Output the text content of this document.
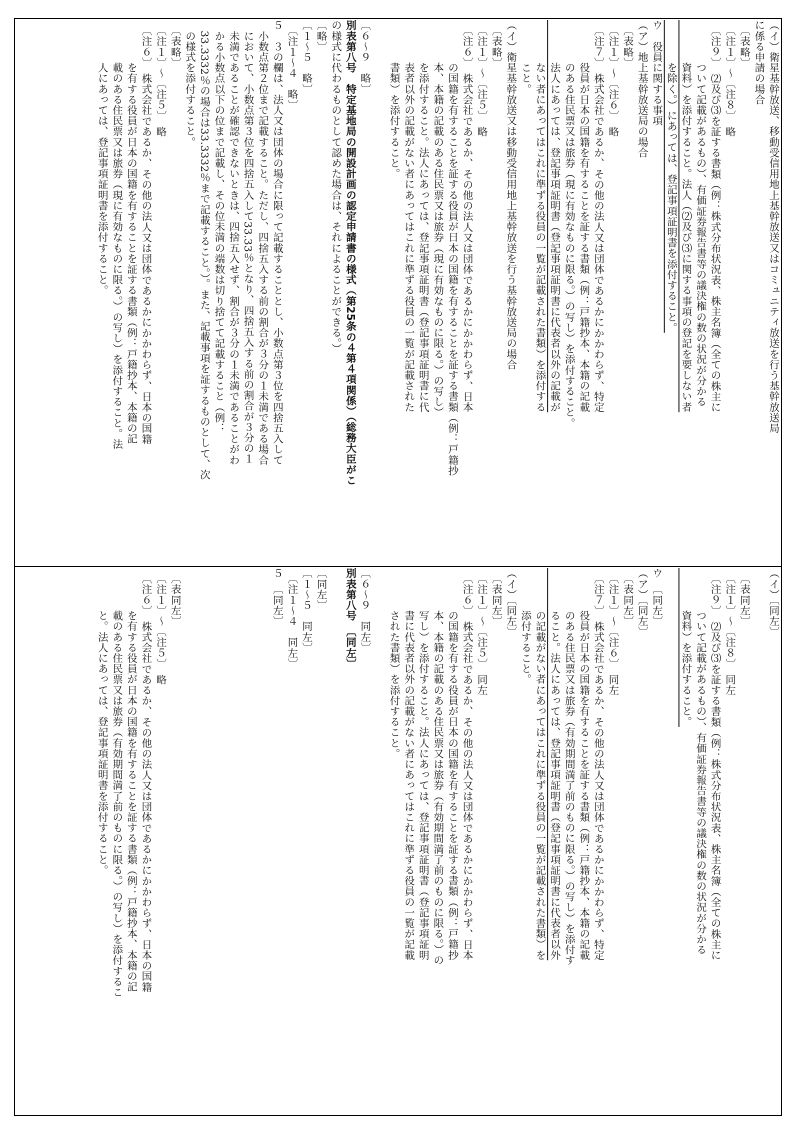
（イ）衛星基幹放送、移動受信用地上基幹放送又はコミュニティ放送を行う基幹放送局
に係る申請の場合
　〔表略〕
　〔注１〕～〔注８〕　略
　〔注９〕　⑵及び⑶を証する書類（例：株式分布状況表、株主名簿（全ての株主に
　　　　ついて記載があるもの）、有価証券報告書等の議決権の数の状況が分かる
　　　　資料）を添付すること。法人（⑵及び⑶に関する事項の登記を要しない者
　　　　を除く。）にあっては、登記事項証明書を添付すること。
ウ　役員に関する事項
（ア）地上基幹放送局の場合
　〔表略〕
　〔注１〕～〔注６〕　略
　〔注７〕　株式会社であるか、その他の法人又は団体であるかにかかわらず、特定
　　　　役員が日本の国籍を有することを証する書類（例：戸籍抄本、本籍の記載
　　　　のある住民票又は旅券（現に有効なものに限る。）の写し）を添付すること。
　　　　法人にあっては、登記事項証明書（登記事項証明書に代表者以外の記載が
　　　　ない者にあってはこれに準ずる役員の一覧が記載された書類）を添付する
　　　　こと。
（イ）衛星基幹放送又は移動受信用地上基幹放送を行う基幹放送局の場合
　〔表略〕
　〔注１〕～〔注５〕　略
　〔注６〕　株式会社であるか、その他の法人又は団体であるかにかかわらず、日本
　　　　の国籍を有することを証する役員が日本の国籍を有することを証する書類（例：戸籍抄
　　　　本、本籍の記載のある住民票又は旅券（現に有効なものに限る。）の写し）
　　　　を添付すること。法人にあっては、登記事項証明書（登記事項証明書に代
　　　　表者以外の記載がない者にあってはこれに準ずる役員の一覧が記載された
　　　　書類）を添付すること。

〔６～９　略〕
別表第八号　特定基地局の開設計画の認定申請書の様式（第25条の４第４項関係）（総務大臣がこ
の様式に代わるものとして認めた場合は、それによることができる。）
〔略〕
〔１～５　略〕
　〔注１～４　略〕
５　３の欄は、法人又は団体の場合に限って記載することとし、小数点第３位を四捨五入して
　小数点第２位まで記載すること。ただし、四捨五入する前の割合が３分の１未満である場合
　において、小数点第３位を四捨五入して33.33％となり、四捨五入する前の割合が３分の１
　未満であることが確認できないときは、四捨五入せず、割合が３分の１未満であることがわ
　かる小数点以下の位まで記載し、その位未満の端数は切り捨てて記載すること（例：
　33.3332％の場合は33.3332％まで記載すること。）。また、記載事項を証するものとして、次
　の様式を添付すること。
　〔表略〕
　〔注１〕～〔注５〕　略
　〔注６〕　株式会社であるか、その他の法人又は団体であるかにかかわらず、日本の国籍
　　　　を有する役員が日本の国籍を有することを証する書類（例：戸籍抄本、本籍の記
　　　　載のある住民票又は旅券（現に有効なものに限る。）の写し）を添付すること。法
　　　　人にあっては、登記事項証明書を添付すること。
（イ）〔同左〕

　〔表同左〕
　〔注１〕～〔注８〕　同左
　〔注９〕　⑵及び⑶を証する書類（例：株式分布状況表、株主名簿（全ての株主に
　　　　ついて記載があるもの）、有価証券報告書等の議決権の数の状況が分かる
　　　　資料）を添付すること。

ウ　〔同左〕
（ア）〔同左〕
　〔表同左〕
　〔注１〕～〔注６〕　同左
　〔注７〕　株式会社であるか、その他の法人又は団体であるかにかかわらず、特定
　　　　役員が日本の国籍を有することを証する書類（例：戸籍抄本、本籍の記載
　　　　のある住民票又は旅券（有効期間満了前のものに限る。）の写し）を添付す
　　　　ること。法人にあっては、登記事項証明書（登記事項証明書に代表者以外
　　　　の記載がない者にあってはこれに準ずる役員の一覧が記載された書類）を
　　　　添付すること。
（イ）〔同左〕
　〔表同左〕
　〔注１〕～〔注５〕　同左
　〔注６〕　株式会社であるか、その他の法人又は団体であるかにかかわらず、日本
　　　　の国籍を有する役員が日本の国籍を有することを証する書類（例：戸籍抄
　　　　本、本籍の記載のある住民票又は旅券（有効期間満了前のものに限る。）の
　　　　写し）を添付すること。法人にあっては、登記事項証明書（登記事項証明
　　　　書に代表者以外の記載がない者にあってはこれに準ずる役員の一覧が記載
　　　　された書類）を添付すること。

〔６～９　同左〕
別表第八号　〔同左〕

〔同左〕
〔１～５　同左〕
　〔注１～４　同左〕
５　〔同左〕

　〔表同左〕
　〔注１〕～〔注５〕　略
　〔注６〕　株式会社であるか、その他の法人又は団体であるかにかかわらず、日本の国籍
　　　　を有する役員が日本の国籍を有することを証する書類（例：戸籍抄本、本籍の記
　　　　載のある住民票又は旅券（有効期間満了前のものに限る。）の写し）を添付するこ
　　　　と。法人にあっては、登記事項証明書を添付すること。
